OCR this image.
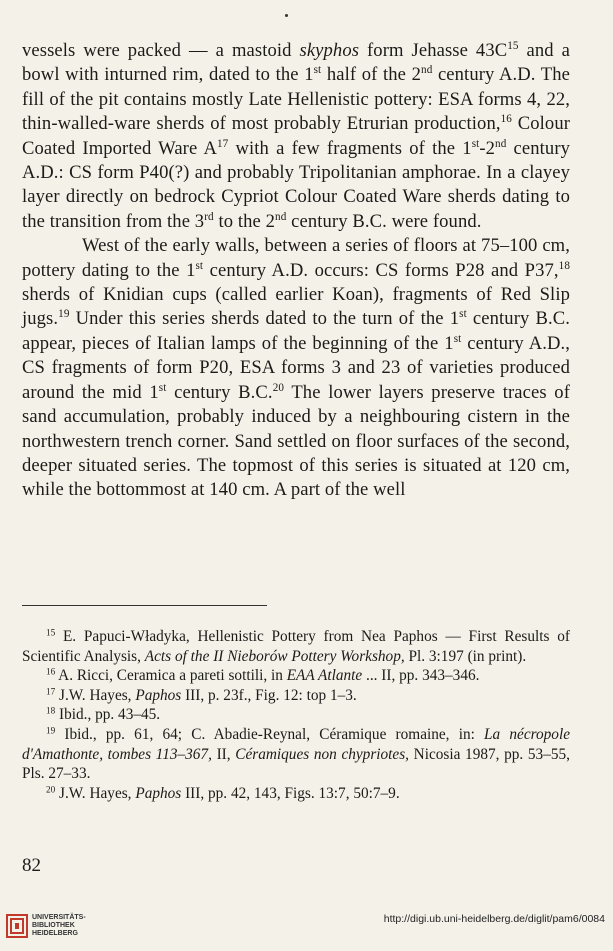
vessels were packed — a mastoid skyphos form Jehasse $43C^{15}$ and a bowl with inturned rim, dated to the 1st half of the 2nd century A.D. The fill of the pit contains mostly Late Hellenistic pottery: ESA forms 4, 22, thin-walled-ware sherds of most probably Etrurian production,$^{16}$ Colour Coated Imported Ware $A^{17}$ with a few fragments of the 1st-2nd century A.D.: CS form P40(?) and probably Tripolitanian amphorae. In a clayey layer directly on bedrock Cypriot Colour Coated Ware sherds dating to the transition from the 3rd to the 2nd century B.C. were found.

West of the early walls, between a series of floors at 75–100 cm, pottery dating to the 1st century A.D. occurs: CS forms P28 and P37,18 sherds of Knidian cups (called earlier Koan), fragments of Red Slip jugs.$^{19}$ Under this series sherds dated to the turn of the 1st century B.C. appear, pieces of Italian lamps of the beginning of the 1st century A.D., CS fragments of form P20, ESA forms 3 and 23 of varieties produced around the mid 1st century B.C.$^{20}$ The lower layers preserve traces of sand accumulation, probably induced by a neighbouring cistern in the northwestern trench corner. Sand settled on floor surfaces of the second, deeper situated series. The topmost of this series is situated at 120 cm, while the bottommost at 140 cm. A part of the well

$^{15}$ E. Papuci-Władyka, Hellenistic Pottery from Nea Paphos — First Results of Scientific Analysis, Acts of the II Nieborów Pottery Workshop, Pl. 3:197 (in print).

$^{16}$ A. Ricci, Ceramica a pareti sottili, in EAA Atlante ... II, pp. 343–346.

$^{17}$ J.W. Hayes, Paphos III, p. 23f., Fig. 12: top 1–3.

$^{18}$ Ibid., pp. 43–45.

$^{19}$ Ibid., pp. 61, 64; C. Abadie-Reynal, Céramique romaine, in: La nécropole d'Amathonte, tombes 113–367, II, Céramiques non chypriotes, Nicosia 1987, pp. 53–55, Pls. 27–33.

$^{20}$ J.W. Hayes, Paphos III, pp. 42, 143, Figs. 13:7, 50:7–9.

82
UNIVERSITÄTS-
BIBLIOTHEK
HEIDELBERG
http://digi.ub.uni-heidelberg.de/diglit/pam6/0084
